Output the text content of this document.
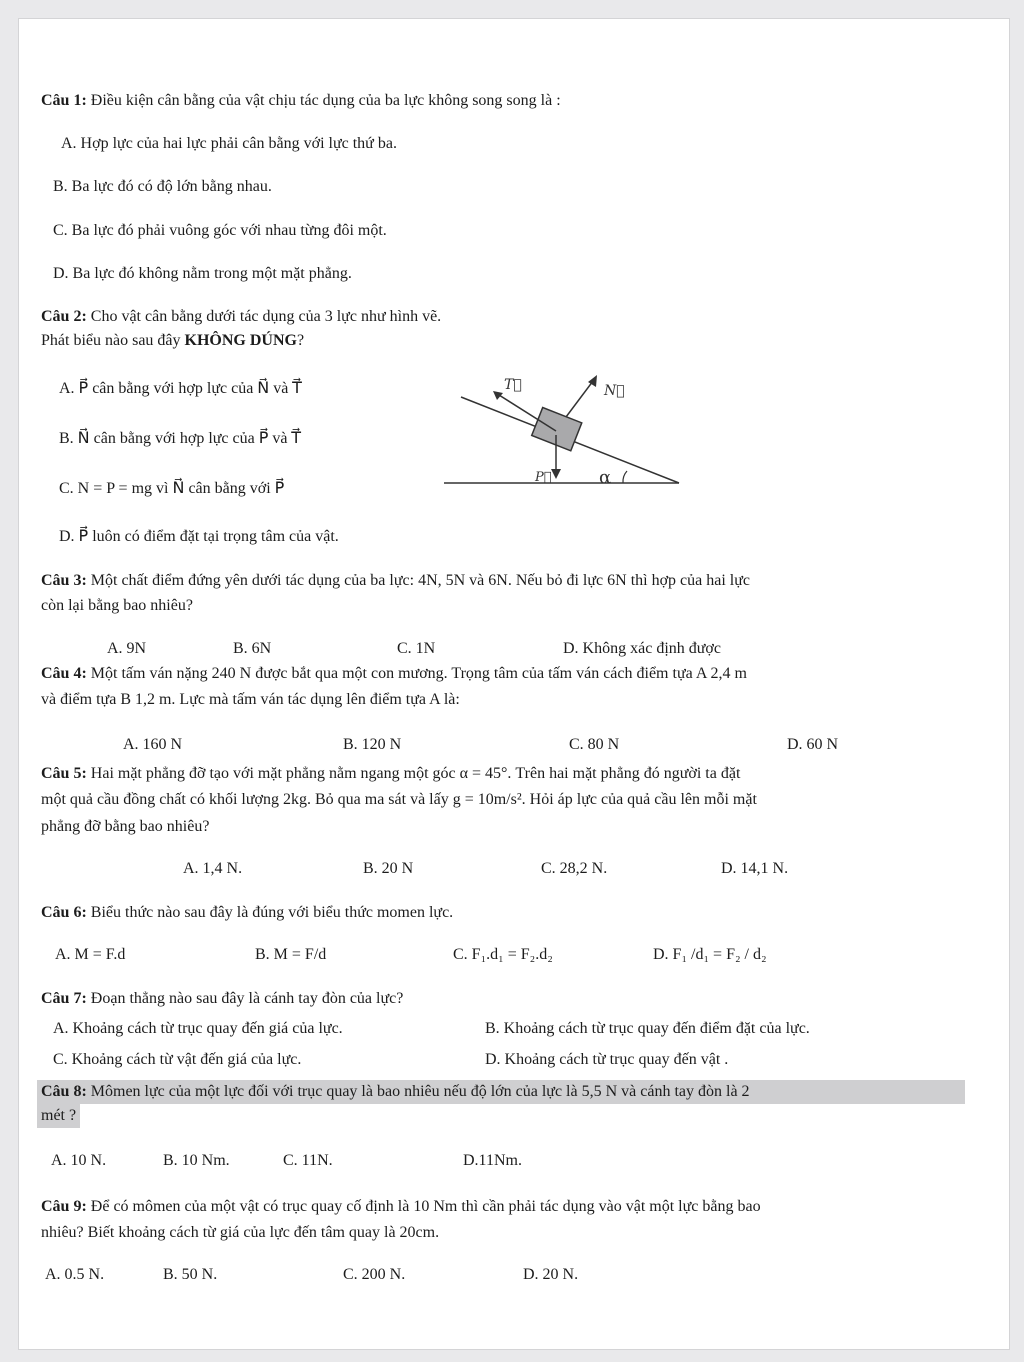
Câu 1: Điều kiện cân bằng của vật chịu tác dụng của ba lực không song song là :
A. Hợp lực của hai lực phải cân bằng với lực thứ ba.
B. Ba lực đó có độ lớn bằng nhau.
C. Ba lực đó phải vuông góc với nhau từng đôi một.
D. Ba lực đó không nằm trong một mặt phẳng.
Câu 2: Cho vật cân bằng dưới tác dụng của 3 lực như hình vẽ.
Phát biểu nào sau đây KHÔNG DÚNG?
A. P⃗ cân bằng với hợp lực của N⃗ và T⃗
B. N⃗ cân bằng với hợp lực của P⃗ và T⃗
C. N = P = mg vì N⃗ cân bằng với P⃗
D. P⃗ luôn có điểm đặt tại trọng tâm của vật.
α
T⃗	N⃗
P⃗
Câu 3: Một chất điểm đứng yên dưới tác dụng của ba lực: 4N, 5N và 6N. Nếu bỏ đi lực 6N thì hợp của hai lực
còn lại bằng bao nhiêu?
A. 9N	B. 6N	C. 1N	D. Không xác định được
Câu 4: Một tấm ván nặng 240 N được bắt qua một con mương. Trọng tâm của tấm ván cách điểm tựa A 2,4 m
và điểm tựa B 1,2 m. Lực mà tấm ván tác dụng lên điểm tựa A là:
A. 160 N	B. 120 N	C. 80 N	D. 60 N
Câu 5: Hai mặt phẳng đỡ tạo với mặt phẳng nằm ngang một góc α = 45°. Trên hai mặt phẳng đó người ta đặt
một quả cầu đồng chất có khối lượng 2kg. Bỏ qua ma sát và lấy g = 10m/s². Hỏi áp lực của quả cầu lên mỗi mặt
phẳng đỡ bằng bao nhiêu?
A. 1,4 N.	B. 20 N	C. 28,2 N.	D. 14,1 N.
Câu 6: Biểu thức nào sau đây là đúng với biểu thức momen lực.
A. M = F.d	B. M = F/d	C. F₁.d₁ = F₂.d₂	D. F₁ /d₁ = F₂ / d₂
Câu 7: Đoạn thẳng nào sau đây là cánh tay đòn của lực?
A. Khoảng cách từ trục quay đến giá của lực.	B. Khoảng cách từ trục quay đến điểm đặt của lực.
C. Khoảng cách từ vật đến giá của lực.	D. Khoảng cách từ trục quay đến vật .
Câu 8: Mômen lực của một lực đối với trục quay là bao nhiêu nếu độ lớn của lực là 5,5 N và cánh tay đòn là 2
mét ?
A. 10 N.	B. 10 Nm.	C. 11N.	D.11Nm.
Câu 9: Để có mômen của một vật có trục quay cố định là 10 Nm thì cần phải tác dụng vào vật một lực bằng bao
nhiêu? Biết khoảng cách từ giá của lực đến tâm quay là 20cm.
A. 0.5 N.	B. 50 N.	C. 200 N.	D. 20 N.
